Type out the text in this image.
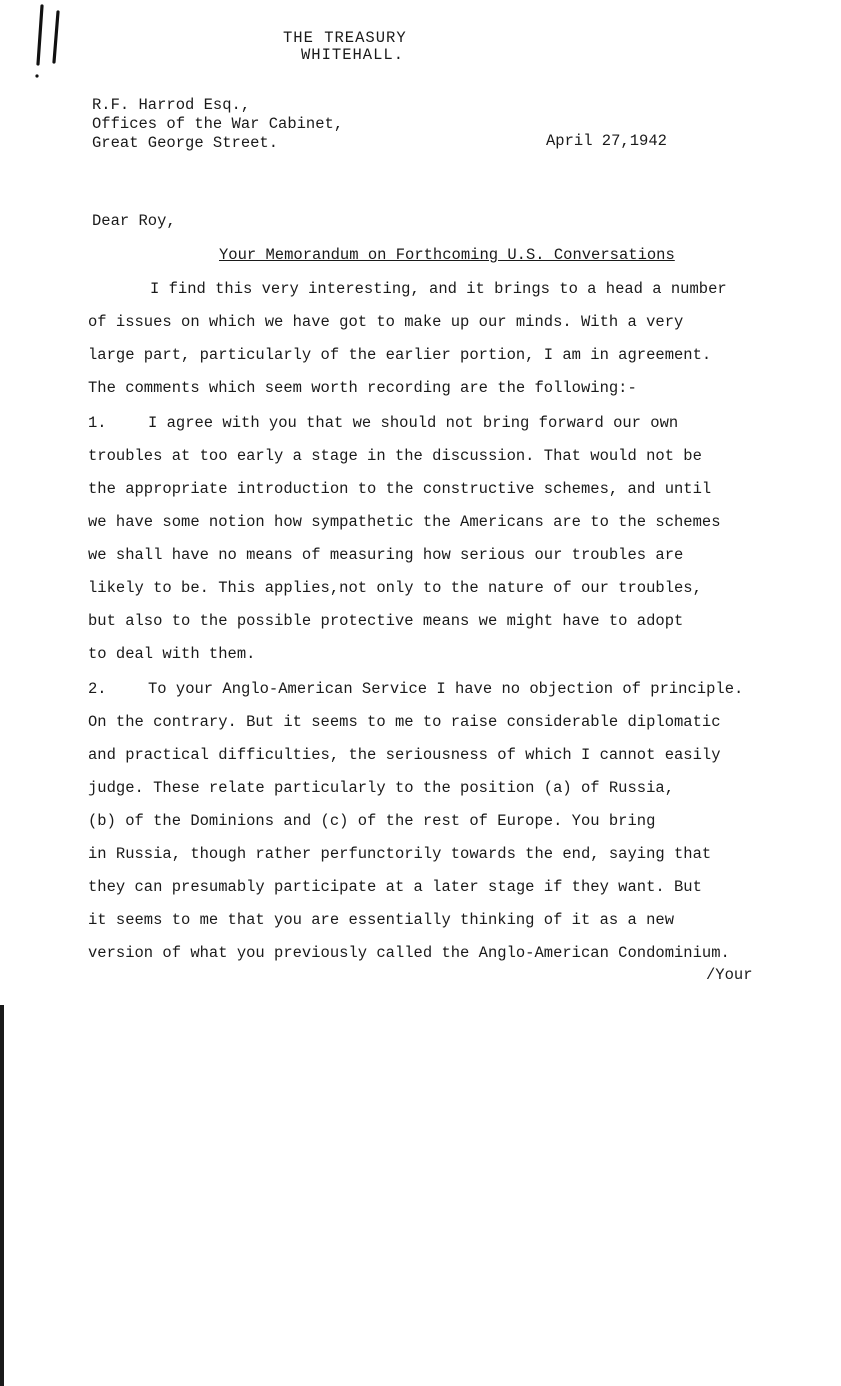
THE TREASURY
WHITEHALL.
R.F. Harrod Esq.,
Offices of the War Cabinet,
Great George Street.	April 27,1942
Dear Roy,
Your Memorandum on Forthcoming U.S. Conversations
I find this very interesting, and it brings to a head a number
of issues on which we have got to make up our minds. With a very
large part, particularly of the earlier portion, I am in agreement.
The comments which seem worth recording are the following:-
1.	I agree with you that we should not bring forward our own
troubles at too early a stage in the discussion. That would not be
the appropriate introduction to the constructive schemes, and until
we have some notion how sympathetic the Americans are to the schemes
we shall have no means of measuring how serious our troubles are
likely to be. This applies,not only to the nature of our troubles,
but also to the possible protective means we might have to adopt
to deal with them.
2.	To your Anglo-American Service I have no objection of principle.
On the contrary. But it seems to me to raise considerable diplomatic
and practical difficulties, the seriousness of which I cannot easily
judge. These relate particularly to the position (a) of Russia,
(b) of the Dominions and (c) of the rest of Europe. You bring
in Russia, though rather perfunctorily towards the end, saying that
they can presumably participate at a later stage if they want. But
it seems to me that you are essentially thinking of it as a new
version of what you previously called the Anglo-American Condominium.
/Your
